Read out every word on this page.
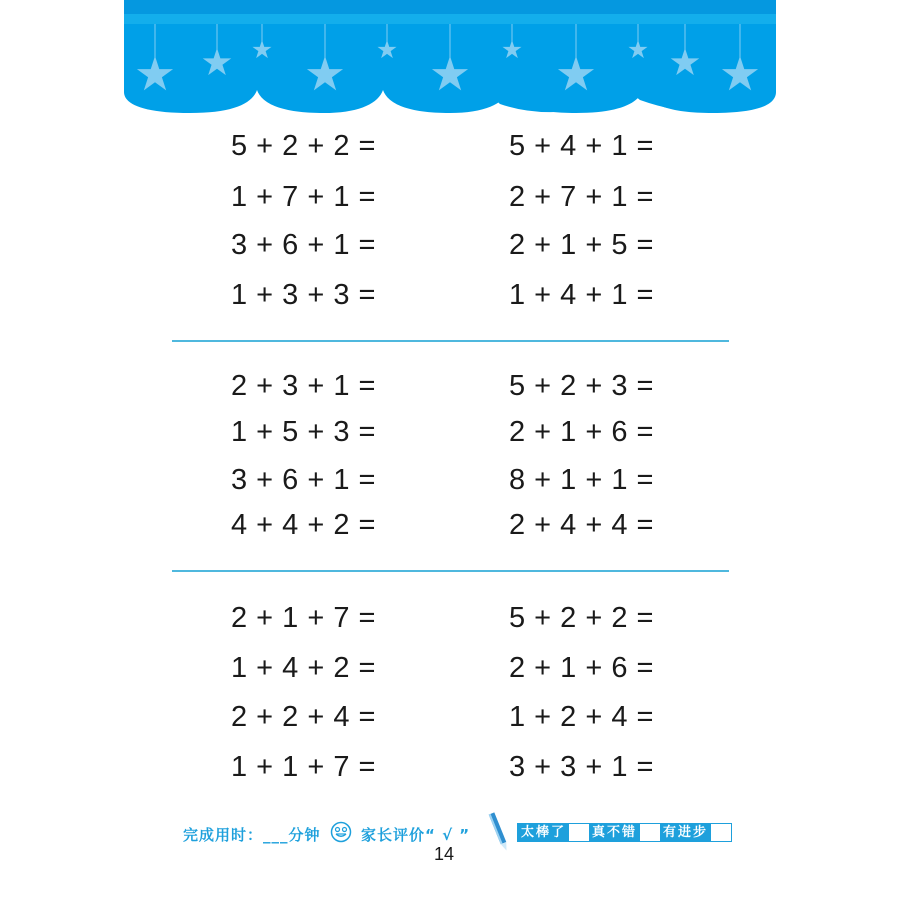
5 + 2 + 2 =
1 + 7 + 1 =
3 + 6 + 1 =
1 + 3 + 3 =
5 + 4 + 1 =
2 + 7 + 1 =
2 + 1 + 5 =
1 + 4 + 1 =
2 + 3 + 1 =
1 + 5 + 3 =
3 + 6 + 1 =
4 + 4 + 2 =
5 + 2 + 3 =
2 + 1 + 6 =
8 + 1 + 1 =
2 + 4 + 4 =
2 + 1 + 7 =
1 + 4 + 2 =
2 + 2 + 4 =
1 + 1 + 7 =
5 + 2 + 2 =
2 + 1 + 6 =
1 + 2 + 4 =
3 + 3 + 1 =
完成用时：___分钟	家长评价“ √ ”	太棒了 真不错 有进步
14
